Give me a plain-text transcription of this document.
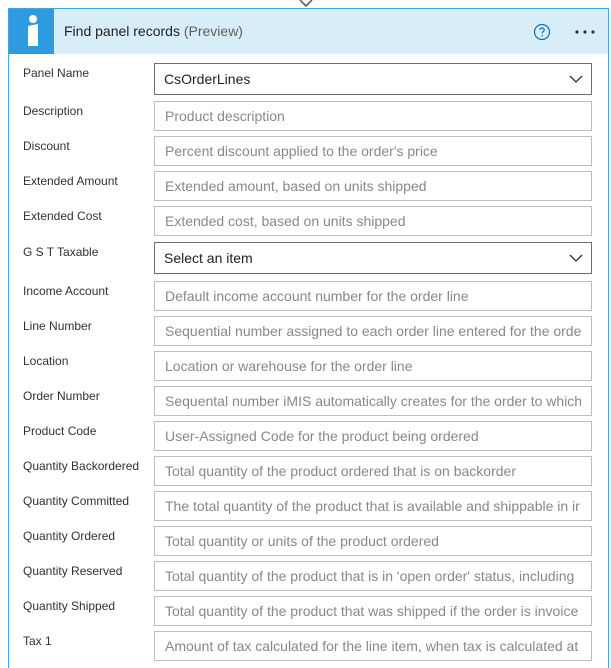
Find panel records (Preview)
Panel Name	CsOrderLines
Description
Product description
Discount
Percent discount applied to the order's price
Extended Amount
Extended amount, based on units shipped
Extended Cost
Extended cost, based on units shipped
G S T Taxable	Select an item
Income Account
Default income account number for the order line
Line Number
Sequential number assigned to each order line entered for the orde
Location
Location or warehouse for the order line
Order Number
Sequental number iMIS automatically creates for the order to which
Product Code
User-Assigned Code for the product being ordered
Quantity Backordered
Total quantity of the product ordered that is on backorder
Quantity Committed
The total quantity of the product that is available and shippable in ir
Quantity Ordered
Total quantity or units of the product ordered
Quantity Reserved
Total quantity of the product that is in 'open order' status, including
Quantity Shipped
Total quantity of the product that was shipped if the order is invoice
Tax 1
Amount of tax calculated for the line item, when tax is calculated at
